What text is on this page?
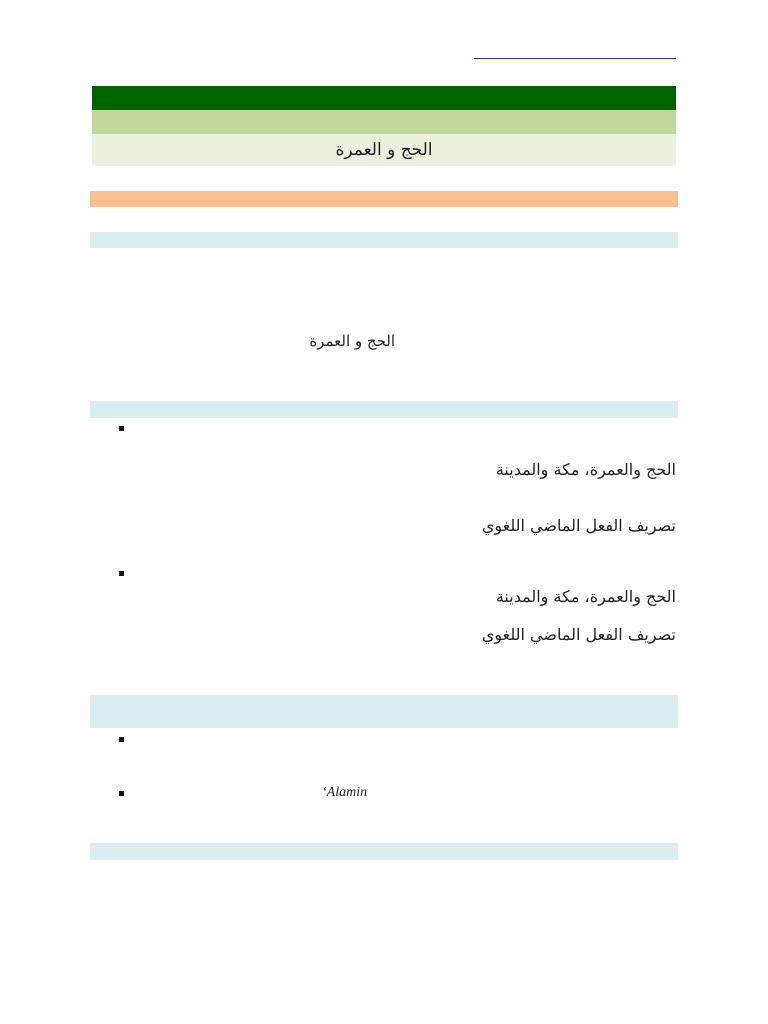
الحج و العمرة
الحج و العمرة
الحج والعمرة، مكة والمدينة
تصريف الفعل الماضي اللغوي
الحج والعمرة، مكة والمدينة
تصريف الفعل الماضي اللغوي
‘Alamin
